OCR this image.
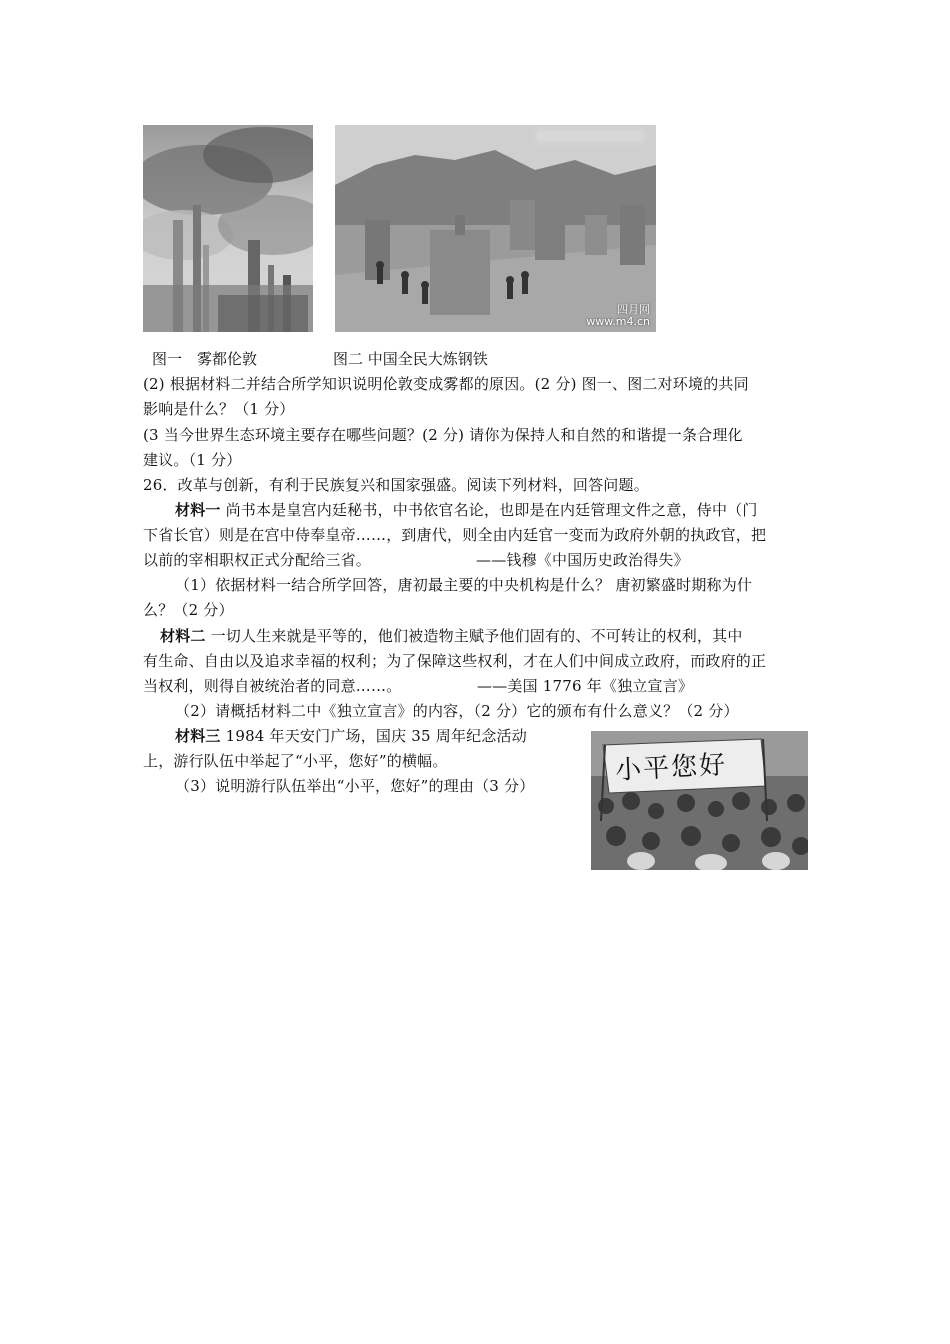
四月网
www.m4.cn
图一　雾都伦敦	图二 中国全民大炼钢铁
(2) 根据材料二并结合所学知识说明伦敦变成雾都的原因。(2 分) 图一、图二对环境的共同
影响是什么？（1 分）
(3 当今世界生态环境主要存在哪些问题？(2 分) 请你为保持人和自然的和谐提一条合理化
建议。（1 分）
26．改革与创新，有利于民族复兴和国家强盛。阅读下列材料，回答问题。
材料一 尚书本是皇宫内廷秘书，中书依官名论，也即是在内廷管理文件之意，侍中（门
下省长官）则是在宫中侍奉皇帝……，到唐代，则全由内廷官一变而为政府外朝的执政官，把
以前的宰相职权正式分配给三省。	——钱穆《中国历史政治得失》
（1）依据材料一结合所学回答，唐初最主要的中央机构是什么？ 唐初繁盛时期称为什
么？（2 分）
材料二 一切人生来就是平等的，他们被造物主赋予他们固有的、不可转让的权利，其中
有生命、自由以及追求幸福的权利；为了保障这些权利，才在人们中间成立政府，而政府的正
当权利，则得自被统治者的同意……。	——美国 1776 年《独立宣言》
（2）请概括材料二中《独立宣言》的内容，（2 分）它的颁布有什么意义？（2 分）
材料三 1984 年天安门广场，国庆 35 周年纪念活动
上，游行队伍中举起了“小平，您好”的横幅。
（3）说明游行队伍举出“小平，您好”的理由（3 分）
小平您好
